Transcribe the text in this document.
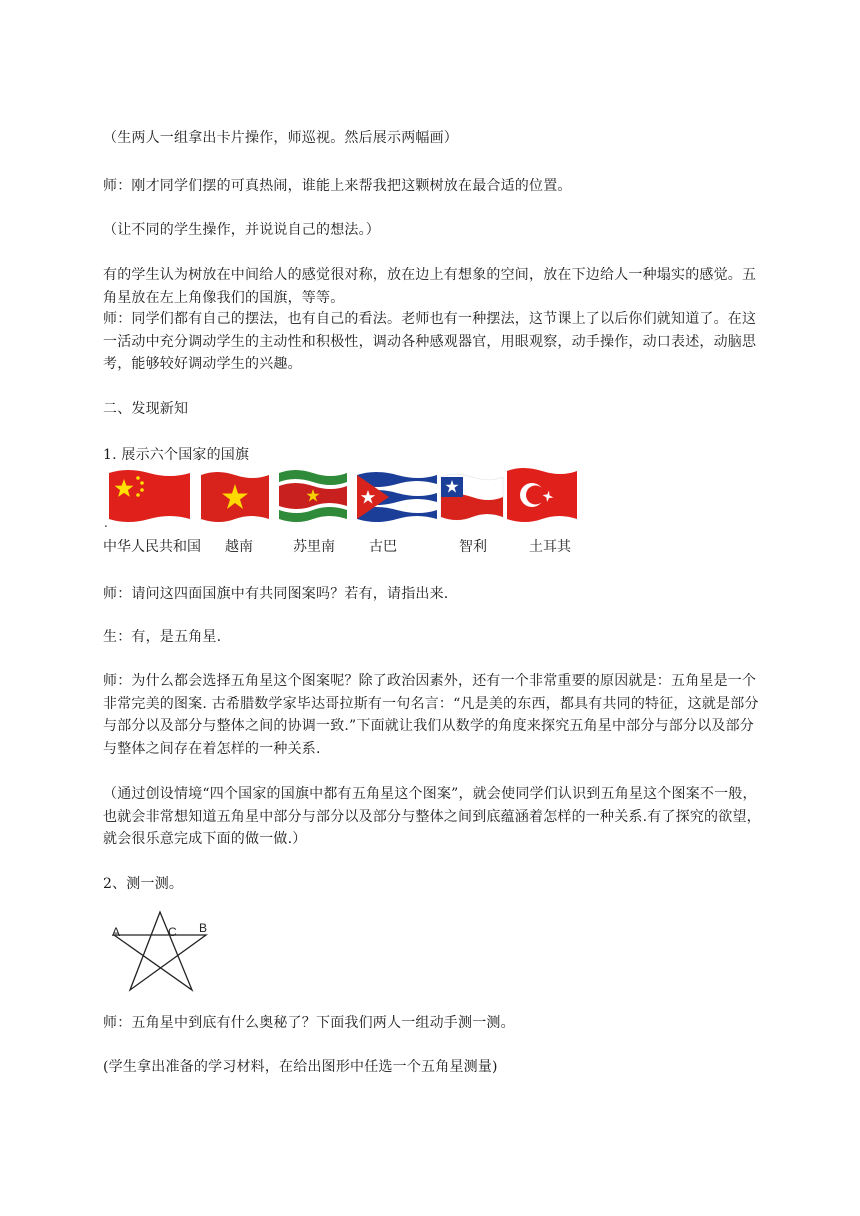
（生两人一组拿出卡片操作，师巡视。然后展示两幅画）

师：刚才同学们摆的可真热闹，谁能上来帮我把这颗树放在最合适的位置。

（让不同的学生操作，并说说自己的想法。）

有的学生认为树放在中间给人的感觉很对称，放在边上有想象的空间，放在下边给人一种塌实的感觉。五角星放在左上角像我们的国旗，等等。

师：同学们都有自己的摆法，也有自己的看法。老师也有一种摆法，这节课上了以后你们就知道了。在这一活动中充分调动学生的主动性和积极性，调动各种感观器官，用眼观察，动手操作，动口表述，动脑思考，能够较好调动学生的兴趣。

二、发现新知

1. 展示六个国家的国旗

.
中华人民共和国 越南	苏里南 古巴	智利	土耳其

师：请问这四面国旗中有共同图案吗？若有，请指出来.

生：有，是五角星.

师：为什么都会选择五角星这个图案呢？除了政治因素外，还有一个非常重要的原因就是：五角星是一个非常完美的图案. 古希腊数学家毕达哥拉斯有一句名言：“凡是美的东西，都具有共同的特征，这就是部分与部分以及部分与整体之间的协调一致.”下面就让我们从数学的角度来探究五角星中部分与部分以及部分与整体之间存在着怎样的一种关系.

（通过创设情境“四个国家的国旗中都有五角星这个图案”，就会使同学们认识到五角星这个图案不一般，也就会非常想知道五角星中部分与部分以及部分与整体之间到底蕴涵着怎样的一种关系.有了探究的欲望，就会很乐意完成下面的做一做.）

2、测一测。

A	C B

师：五角星中到底有什么奥秘了？下面我们两人一组动手测一测。

(学生拿出准备的学习材料，在给出图形中任选一个五角星测量)
